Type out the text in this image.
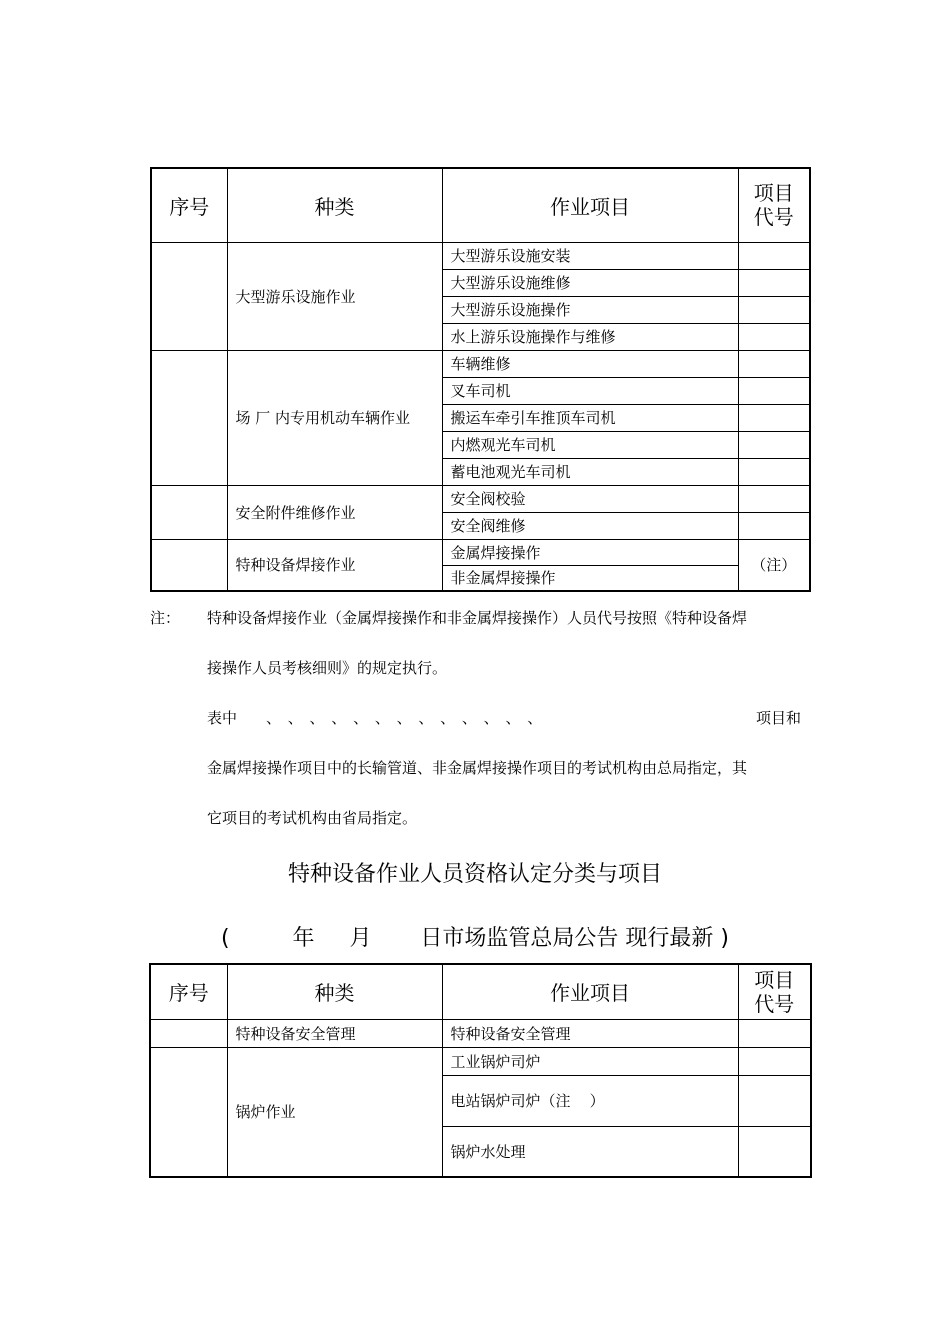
序号	种类	作业项目	项目
代号

	大型游乐设施作业	大型游乐设施安装	
		大型游乐设施维修	
		大型游乐设施操作	
		水上游乐设施操作与维修	
	场 厂 内专用机动车辆作业	车辆维修	
		叉车司机	
		搬运车牵引车推顶车司机	
		内燃观光车司机	
		蓄电池观光车司机	
	安全附件维修作业	安全阀校验	
		安全阀维修	
	特种设备焊接作业	金属焊接操作	（注）
		非金属焊接操作	
注： 特种设备焊接作业（金属焊接操作和非金属焊接操作）人员代号按照《特种设备焊
接操作人员考核细则》的规定执行。
表中 、 、 、 、 、 、 、 、 、 、 、 、 、	项目和
金属焊接操作项目中的长输管道、非金属焊接操作项目的考试机构由总局指定，其
它项目的考试机构由省局指定。
特种设备作业人员资格认定分类与项目
(         年     月       日市场监管总局公告 现行最新 )
序号	种类	作业项目	项目
代号

	特种设备安全管理	特种设备安全管理	
	锅炉作业	工业锅炉司炉	
		电站锅炉司炉（注    ）	
		锅炉水处理	
